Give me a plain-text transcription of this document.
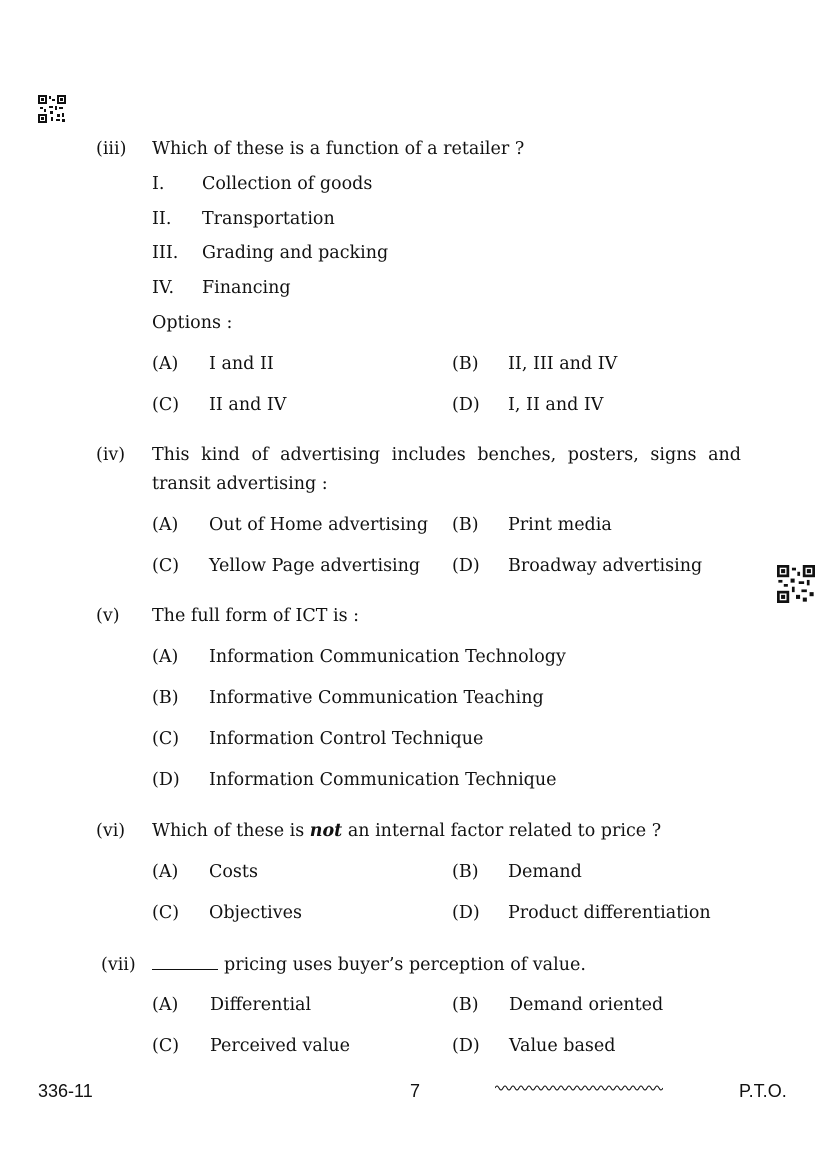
(iii) Which of these is a function of a retailer ?
I. Collection of goods
II. Transportation
III. Grading and packing
IV. Financing
Options :
(A) I and II	(B) II, III and IV
(C) II and IV	(D) I, II and IV
(iv) This kind of advertising includes benches, posters, signs and
transit advertising :
(A) Out of Home advertising (B) Print media
(C) Yellow Page advertising (D) Broadway advertising
(v) The full form of ICT is :
(A) Information Communication Technology
(B) Informative Communication Teaching
(C) Information Control Technique
(D) Information Communication Technique
(vi) Which of these is not an internal factor related to price ?
(A) Costs	(B) Demand
(C) Objectives	(D) Product differentiation
(vii)	pricing uses buyer’s perception of value.
(A) Differential	(B) Demand oriented
(C) Perceived value	(D) Value based
336-11	7	P.T.O.
